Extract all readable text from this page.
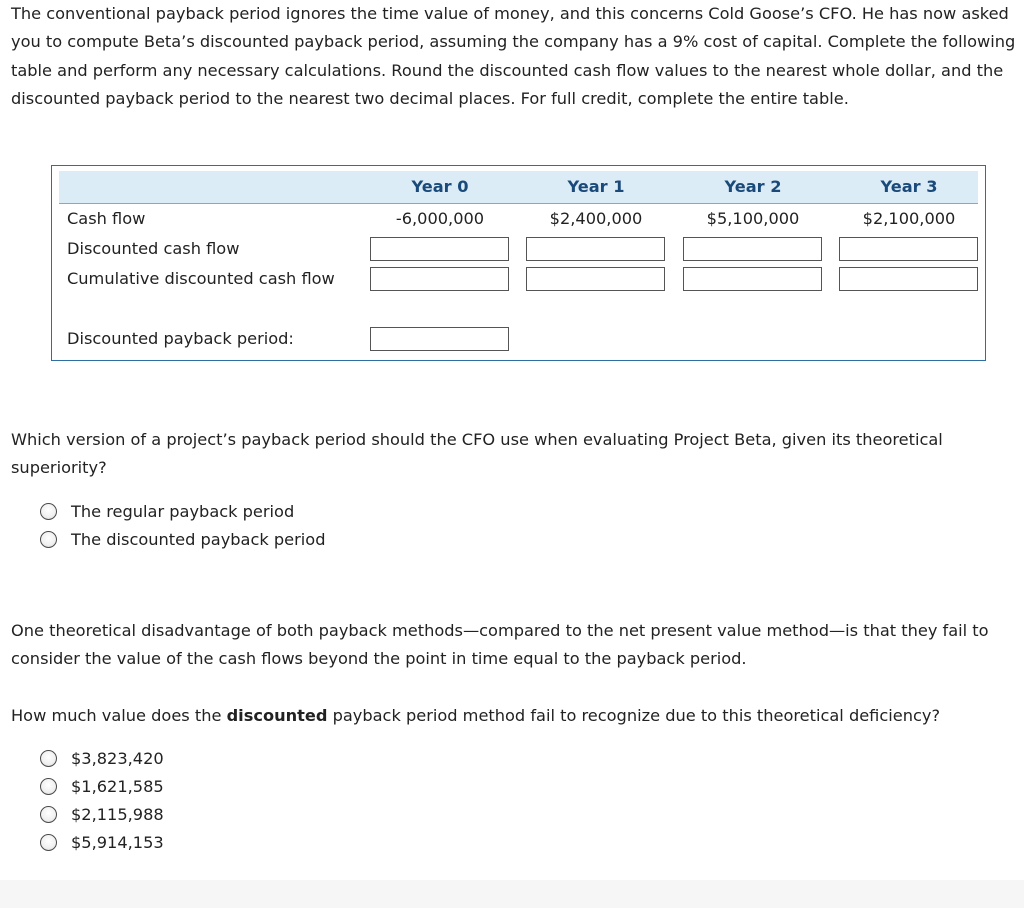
The conventional payback period ignores the time value of money, and this concerns Cold Goose’s CFO. He has now asked you to compute Beta’s discounted payback period, assuming the company has a 9% cost of capital. Complete the following table and perform any necessary calculations. Round the discounted cash flow values to the nearest whole dollar, and the discounted payback period to the nearest two decimal places. For full credit, complete the entire table.

Year 0	Year 1	Year 2	Year 3
Cash flow	-6,000,000	$2,400,000	$5,100,000	$2,100,000
Discounted cash flow
Cumulative discounted cash flow
Discounted payback period:

Which version of a project’s payback period should the CFO use when evaluating Project Beta, given its theoretical superiority?

The regular payback period
The discounted payback period

One theoretical disadvantage of both payback methods—compared to the net present value method—is that they fail to consider the value of the cash flows beyond the point in time equal to the payback period.

How much value does the discounted payback period method fail to recognize due to this theoretical deficiency?

$3,823,420
$1,621,585
$2,115,988
$5,914,153
